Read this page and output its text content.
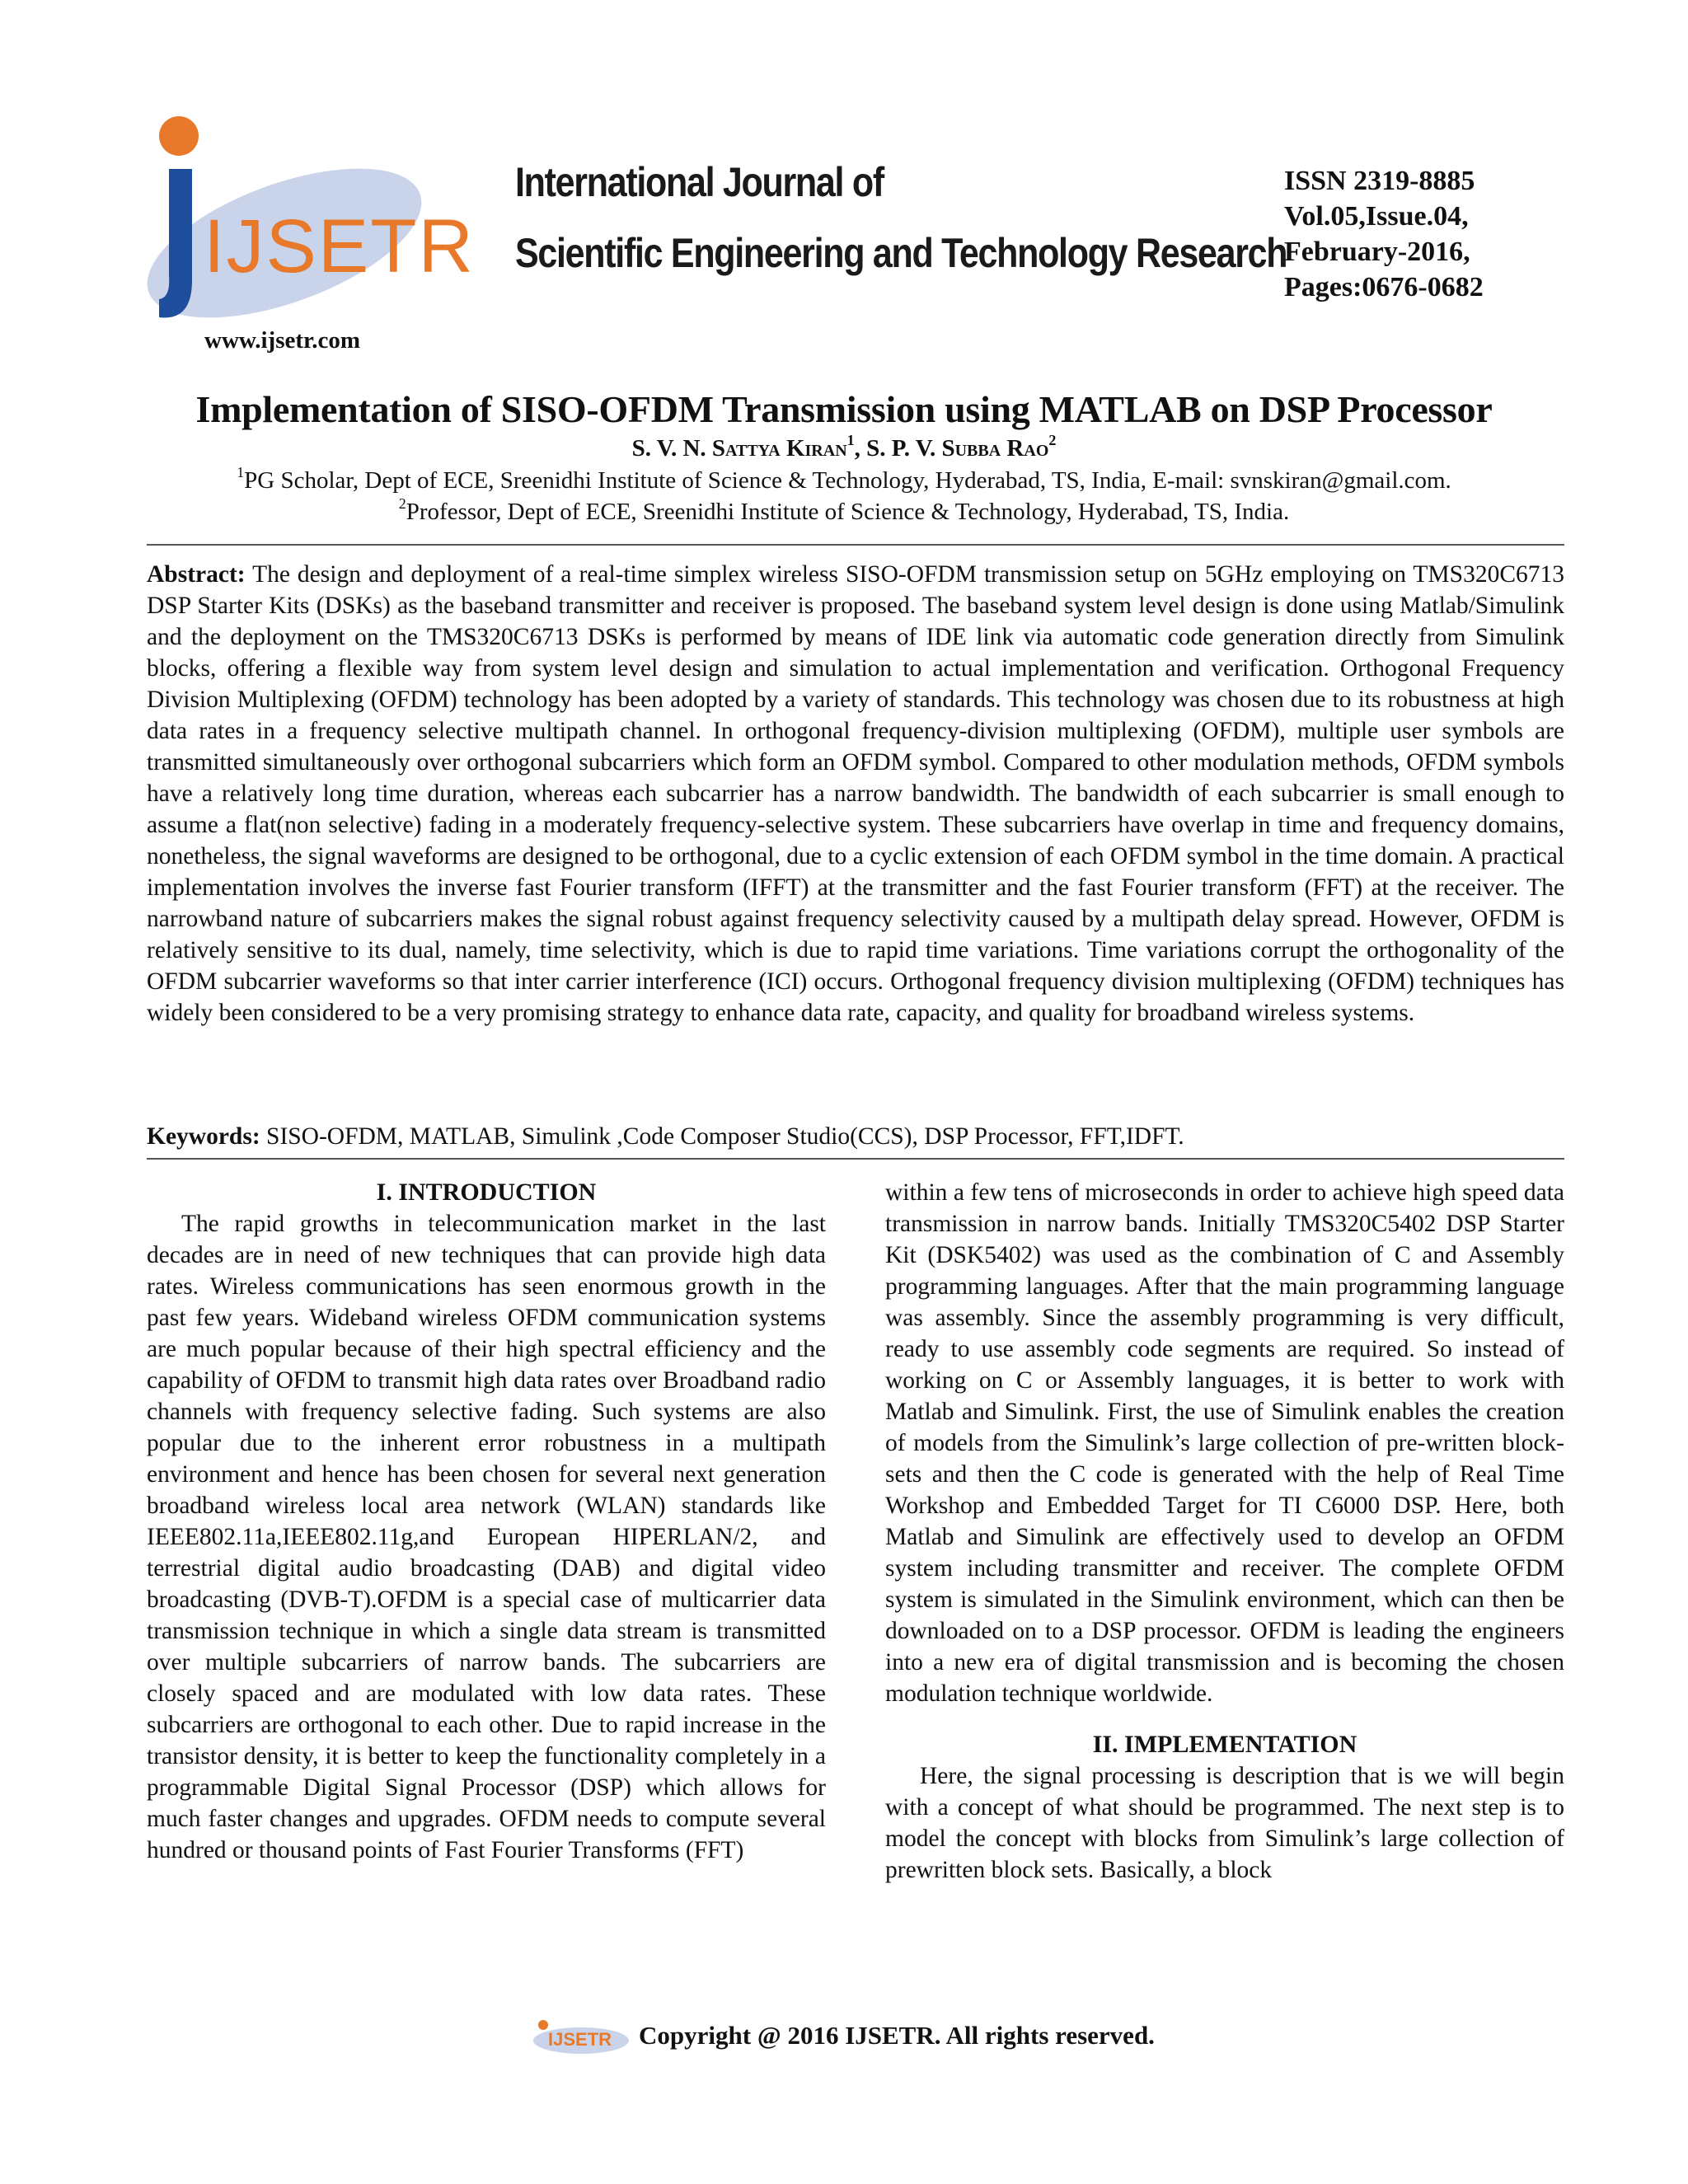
IJSETR
International Journal of
Scientific Engineering and Technology Research
ISSN 2319-8885
Vol.05,Issue.04,
February-2016,
Pages:0676-0682
www.ijsetr.com
Implementation of SISO-OFDM Transmission using MATLAB on DSP Processor
S. V. N. Sattya Kiran$^1$, S. P. V. Subba Rao$^2$
$^1$PG Scholar, Dept of ECE, Sreenidhi Institute of Science & Technology, Hyderabad, TS, India, E-mail: svnskiran@gmail.com.
$^2$Professor, Dept of ECE, Sreenidhi Institute of Science & Technology, Hyderabad, TS, India.

Abstract: The design and deployment of a real-time simplex wireless SISO-OFDM transmission setup on 5GHz employing on TMS320C6713 DSP Starter Kits (DSKs) as the baseband transmitter and receiver is proposed. The baseband system level design is done using Matlab/Simulink and the deployment on the TMS320C6713 DSKs is performed by means of IDE link via automatic code generation directly from Simulink blocks, offering a flexible way from system level design and simulation to actual implementation and verification. Orthogonal Frequency Division Multiplexing (OFDM) technology has been adopted by a variety of standards. This technology was chosen due to its robustness at high data rates in a frequency selective multipath channel. In orthogonal frequency-division multiplexing (OFDM), multiple user symbols are transmitted simultaneously over orthogonal subcarriers which form an OFDM symbol. Compared to other modulation methods, OFDM symbols have a relatively long time duration, whereas each subcarrier has a narrow bandwidth. The bandwidth of each subcarrier is small enough to assume a flat(non selective) fading in a moderately frequency-selective system. These subcarriers have overlap in time and frequency domains, nonetheless, the signal waveforms are designed to be orthogonal, due to a cyclic extension of each OFDM symbol in the time domain. A practical implementation involves the inverse fast Fourier transform (IFFT) at the transmitter and the fast Fourier transform (FFT) at the receiver. The narrowband nature of subcarriers makes the signal robust against frequency selectivity caused by a multipath delay spread. However, OFDM is relatively sensitive to its dual, namely, time selectivity, which is due to rapid time variations. Time variations corrupt the orthogonality of the OFDM subcarrier waveforms so that inter carrier interference (ICI) occurs. Orthogonal frequency division multiplexing (OFDM) techniques has widely been considered to be a very promising strategy to enhance data rate, capacity, and quality for broadband wireless systems.

Keywords: SISO-OFDM, MATLAB, Simulink ,Code Composer Studio(CCS), DSP Processor, FFT,IDFT.
I. INTRODUCTION

The rapid growths in telecommunication market in the last decades are in need of new techniques that can provide high data rates. Wireless communications has seen enormous growth in the past few years. Wideband wireless OFDM communication systems are much popular because of their high spectral efficiency and the capability of OFDM to transmit high data rates over Broadband radio channels with frequency selective fading. Such systems are also popular due to the inherent error robustness in a multipath environment and hence has been chosen for several next generation broadband wireless local area network (WLAN) standards like IEEE802.11a,IEEE802.11g,and European HIPERLAN/2, and terrestrial digital audio broadcasting (DAB) and digital video broadcasting (DVB-T).OFDM is a special case of multicarrier data transmission technique in which a single data stream is transmitted over multiple subcarriers of narrow bands. The subcarriers are closely spaced and are modulated with low data rates. These subcarriers are orthogonal to each other. Due to rapid increase in the transistor density, it is better to keep the functionality completely in a programmable Digital Signal Processor (DSP) which allows for much faster changes and upgrades. OFDM needs to compute several hundred or thousand points of Fast Fourier Transforms (FFT)

within a few tens of microseconds in order to achieve high speed data transmission in narrow bands. Initially TMS320C5402 DSP Starter Kit (DSK5402) was used as the combination of C and Assembly programming languages. After that the main programming language was assembly. Since the assembly programming is very difficult, ready to use assembly code segments are required. So instead of working on C or Assembly languages, it is better to work with Matlab and Simulink. First, the use of Simulink enables the creation of models from the Simulink’s large collection of pre-written block-sets and then the C code is generated with the help of Real Time Workshop and Embedded Target for TI C6000 DSP. Here, both Matlab and Simulink are effectively used to develop an OFDM system including transmitter and receiver. The complete OFDM system is simulated in the Simulink environment, which can then be downloaded on to a DSP processor. OFDM is leading the engineers into a new era of digital transmission and is becoming the chosen modulation technique worldwide.

II. IMPLEMENTATION

Here, the signal processing is description that is we will begin with a concept of what should be programmed. The next step is to model the concept with blocks from Simulink’s large collection of prewritten block sets. Basically, a block

IJSETR Copyright @ 2016 IJSETR. All rights reserved.
